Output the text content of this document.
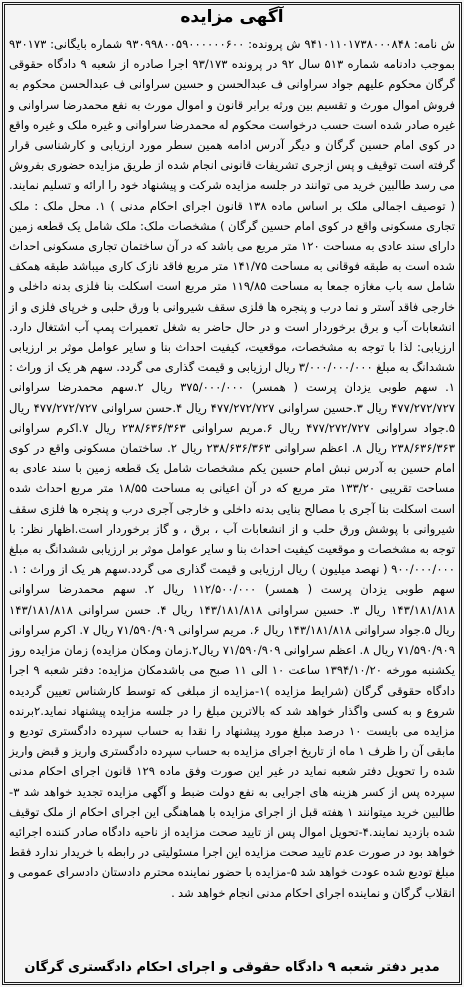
آگهی مزایده
ش نامه: ۹۴۱۰۱۱۰۱۷۳۸۰۰۰۸۴۸ ش پرونده: ۹۳۰۹۹۸۰۰۵۹۰۰۰۰۰۰۶۰۰ شماره بایگانی: ۹۳۰۱۷۳ بموجب دادنامه شماره ۵۱۳ سال ۹۲ در پرونده ۹۳/۱۷۳ اجرا صادره از شعبه ۹ دادگاه حقوقی گرگان محکوم علیهم جواد سراوانی ف عبدالحسن و حسین سراوانی ف عبدالحسن محکوم به فروش اموال مورث و تقسیم بین ورثه برابر قانون و اموال مورث به نفع محمدرضا سراوانی و غیره صادر شده است حسب درخواست محکوم له محمدرضا سراوانی و غیره ملک و غیره واقع در کوی امام حسین گرگان و دیگر آدرس ادامه همین سطر مورد ارزیابی و کارشناسی قرار گرفته است توقیف و پس ازجری تشریفات قانونی انجام شده از طریق مزایده حضوری بفروش می رسد طالبین خرید می توانند در جلسه مزایده شرکت و پیشنهاد خود را ارائه و تسلیم نمایند. ( توصیف اجمالی ملک بر اساس ماده ۱۳۸ قانون اجرای احکام مدنی ) ۱. محل ملک : ملک تجاری مسکونی واقع در کوی امام حسین گرگان ) مشخصات ملک: ملک شامل یک قطعه زمین دارای سند عادی به مساحت ۱۲۰ متر مربع می باشد که در آن ساختمان تجاری مسکونی احداث شده است به طبقه فوقانی به مساحت ۱۴۱/۷۵ متر مربع فاقد نازک کاری میباشد طبقه همکف شامل سه باب مغازه جمعا به مساحت ۱۱۹/۸۵ متر مربع است اسکلت بنا فلزی بدنه داخلی و خارجی فاقد آستر و نما درب و پنجره ها فلزی سقف شیروانی با ورق حلبی و خرپای فلزی و از انشعابات آب و برق برخوردار است و در حال حاضر به شغل تعمیرات پمپ آب اشتغال دارد. ارزیابی: لذا با توجه به مشخصات، موقعیت، کیفیت احداث بنا و سایر عوامل موثر بر ارزیابی ششدانگ به مبلغ ۳/۰۰۰/۰۰۰/۰۰۰ ریال ارزیابی و قیمت گذاری می گردد. سهم هر یک از وراث : ۱. سهم طوبی یزدان پرست ( همسر) ۳۷۵/۰۰۰/۰۰۰ ریال ۲.سهم محمدرضا سراوانی ۴۷۷/۲۷۲/۷۲۷ ریال ۳.حسین سراوانی ۴۷۷/۲۷۲/۷۲۷ ریال ۴.حسن سراوانی ۴۷۷/۲۷۲/۷۲۷ ریال ۵.جواد سراوانی ۴۷۷/۲۷۲/۷۲۷ ریال ۶.مریم سراوانی ۲۳۸/۶۳۶/۳۶۳ ریال ۷.اکرم سراوانی ۲۳۸/۶۳۶/۳۶۳ ریال ۸. اعظم سراوانی ۲۳۸/۶۳۶/۳۶۳ ریال ۲. ساختمان مسکونی واقع در کوی امام حسین به آدرس نبش امام حسین یکم مشخصات شامل یک قطعه زمین با سند عادی به مساحت تقریبی ۱۳۳/۲۰ متر مربع که در آن اعیانی به مساحت ۱۸/۵۵ متر مربع احداث شده است اسکلت بنا آجری با مصالح بنایی بدنه داخلی و خارجی آجری درب و پنجره ها فلزی سقف شیروانی با پوشش ورق حلب و از انشعابات آب ، برق ، و گاز برخوردار است.اظهار نظر: با توجه به مشخصات و موقعیت کیفیت احداث بنا و سایر عوامل موثر بر ارزیابی ششدانگ به مبلغ ۹۰۰/۰۰۰/۰۰۰ ( نهصد میلیون ) ریال ارزیابی و قیمت گذاری می گردد.سهم هر یک از وراث : ۱. سهم طوبی یزدان پرست ( همسر) ۱۱۲/۵۰۰/۰۰۰ ریال ۲. سهم محمدرضا سراوانی ۱۴۳/۱۸۱/۸۱۸ ریال ۳. حسین سراوانی ۱۴۳/۱۸۱/۸۱۸ ریال ۴. حسن سراوانی ۱۴۳/۱۸۱/۸۱۸ ریال ۵.جواد سراوانی ۱۴۳/۱۸۱/۸۱۸ ریال ۶. مریم سراوانی ۷۱/۵۹۰/۹۰۹ ریال ۷. اکرم سراوانی ۷۱/۵۹۰/۹۰۹ ریال ۸. اعظم سراوانی ۷۱/۵۹۰/۹۰۹ ریال۲.زمان ومکان مزایده) زمان مزایده روز یکشنبه مورخه ۱۳۹۴/۱۰/۲۰ ساعت ۱۰ الی ۱۱ صبح می باشدمکان مزایده: دفتر شعبه ۹ اجرا دادگاه حقوقی گرگان (شرایط مزایده )۱-مزایده از مبلغی که توسط کارشناس تعیین گردیده شروع و به کسی واگذار خواهد شد که بالاترین مبلغ را در جلسه مزایده پیشنهاد نماید.۲برنده مزایده می بایست ۱۰ درصد مبلغ مورد پیشنهاد را نقدا به حساب سپرده دادگستری تودیع و مابقی آن را ظرف ۱ ماه از تاریخ اجرای مزایده به حساب سپرده دادگستری واریز و قبض واریز شده را تحویل دفتر شعبه نماید در غیر این صورت وفق ماده ۱۲۹ قانون اجرای احکام مدنی سپرده پس از کسر هزینه های اجرایی به نفع دولت ضبط و آگهی مزایده تجدید خواهد شد ۳-طالبین خرید میتوانند ۱ هفته قبل از اجرای مزایده با هماهنگی این اجرای احکام از ملک توقیف شده بازدید نمایند.۴-تحویل اموال پس از تایید صحت مزایده از ناحیه دادگاه صادر کننده اجرائیه خواهد بود در صورت عدم تایید صحت مزایده این اجرا مسئولیتی در رابطه با خریدار ندارد فقط مبلغ تودیع شده عودت خواهد شد ۵-مزایده با حضور نماینده محترم دادستان دادسرای عمومی و انقلاب گرگان و نماینده اجرای احکام مدنی انجام خواهد شد .
مدیر دفتر شعبه ۹ دادگاه حقوقی و اجرای احکام دادگستری گرگان
